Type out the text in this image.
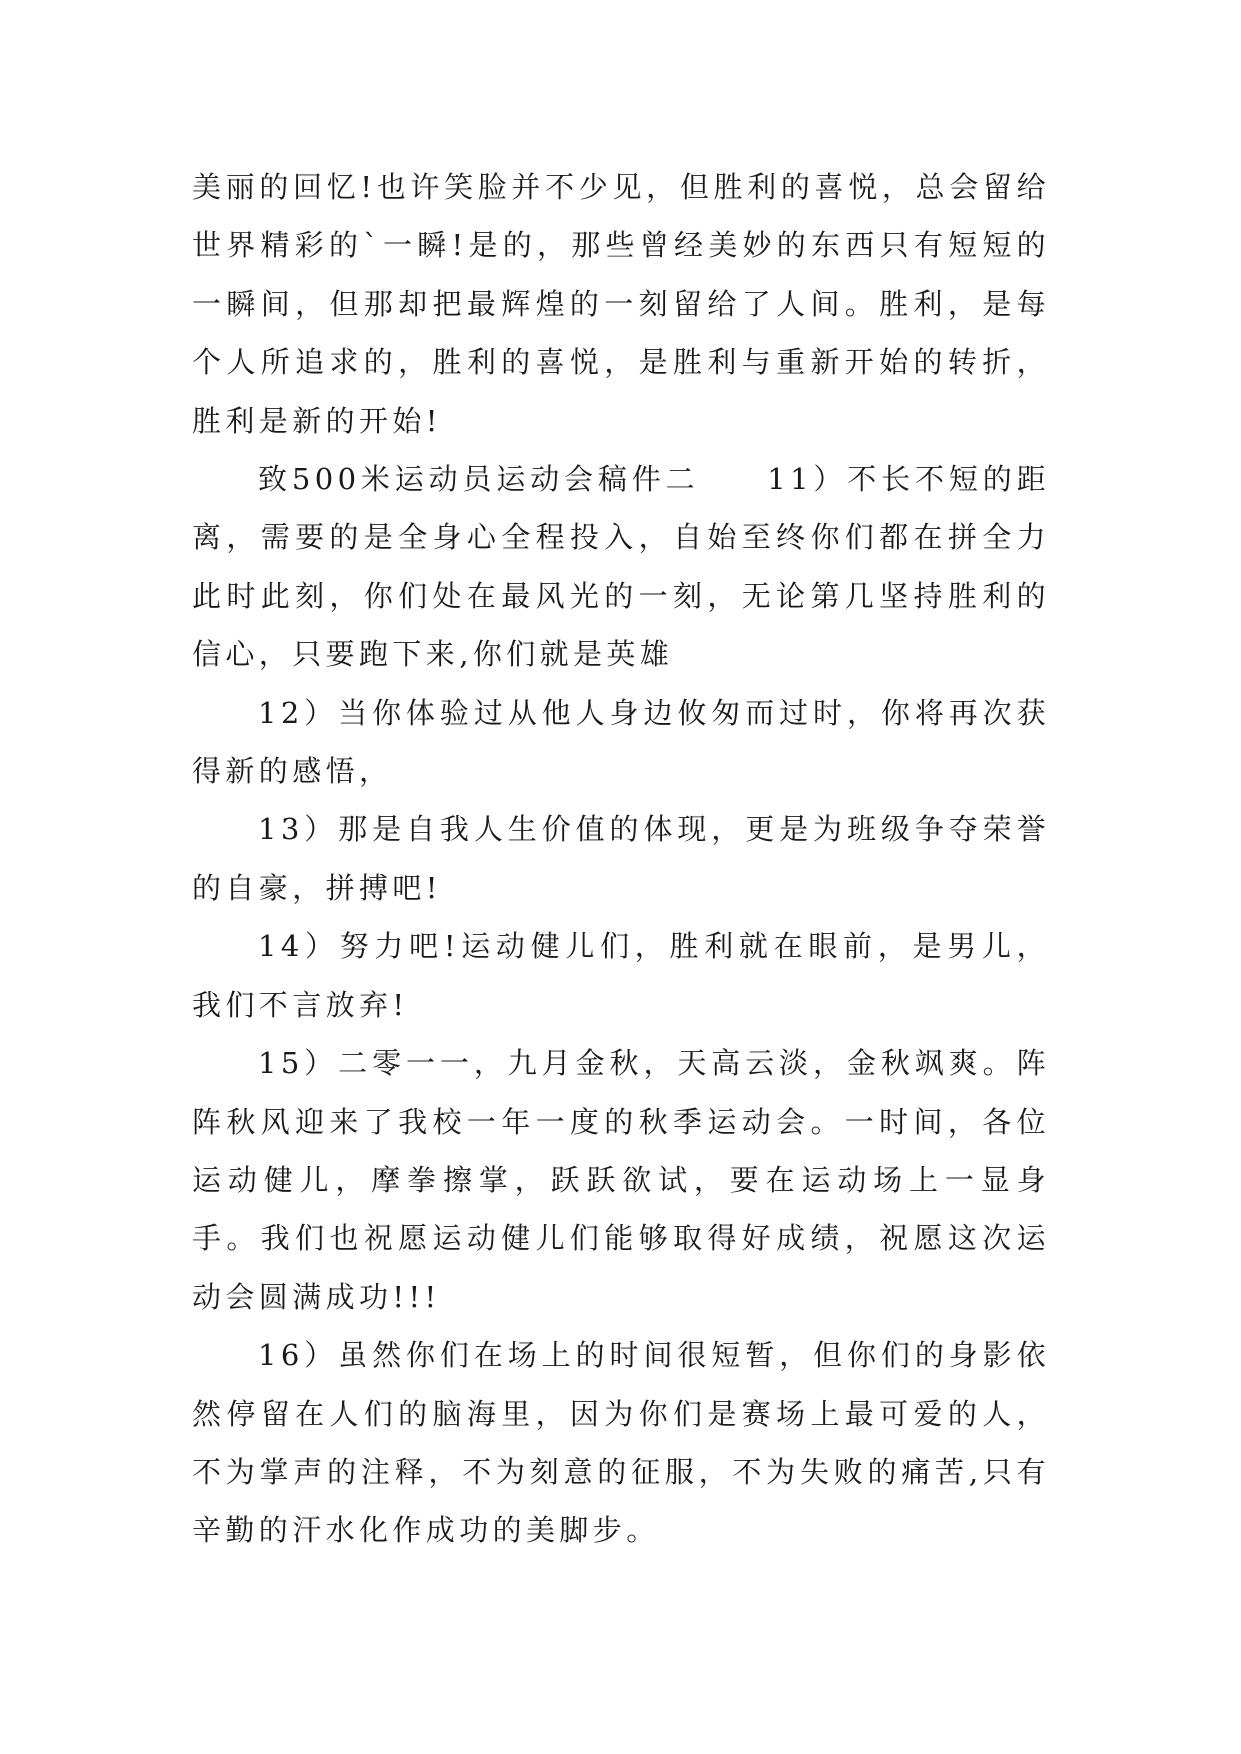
美丽的回忆!也许笑脸并不少见，但胜利的喜悦，总会留给世界精彩的`一瞬!是的，那些曾经美妙的东西只有短短的一瞬间，但那却把最辉煌的一刻留给了人间。胜利，是每个人所追求的，胜利的喜悦，是胜利与重新开始的转折，胜利是新的开始!

致500米运动员运动会稿件二　　11）不长不短的距离，需要的是全身心全程投入，自始至终你们都在拼全力此时此刻，你们处在最风光的一刻，无论第几坚持胜利的信心，只要跑下来,你们就是英雄

12）当你体验过从他人身边攸匆而过时，你将再次获得新的感悟，

13）那是自我人生价值的体现，更是为班级争夺荣誉的自豪，拼搏吧!

14）努力吧!运动健儿们，胜利就在眼前，是男儿，我们不言放弃!

15）二零一一，九月金秋，天高云淡，金秋飒爽。阵阵秋风迎来了我校一年一度的秋季运动会。一时间，各位运动健儿，摩拳擦掌，跃跃欲试，要在运动场上一显身手。我们也祝愿运动健儿们能够取得好成绩，祝愿这次运动会圆满成功!!!

16）虽然你们在场上的时间很短暂，但你们的身影依然停留在人们的脑海里，因为你们是赛场上最可爱的人，不为掌声的注释，不为刻意的征服，不为失败的痛苦,只有辛勤的汗水化作成功的美脚步。
